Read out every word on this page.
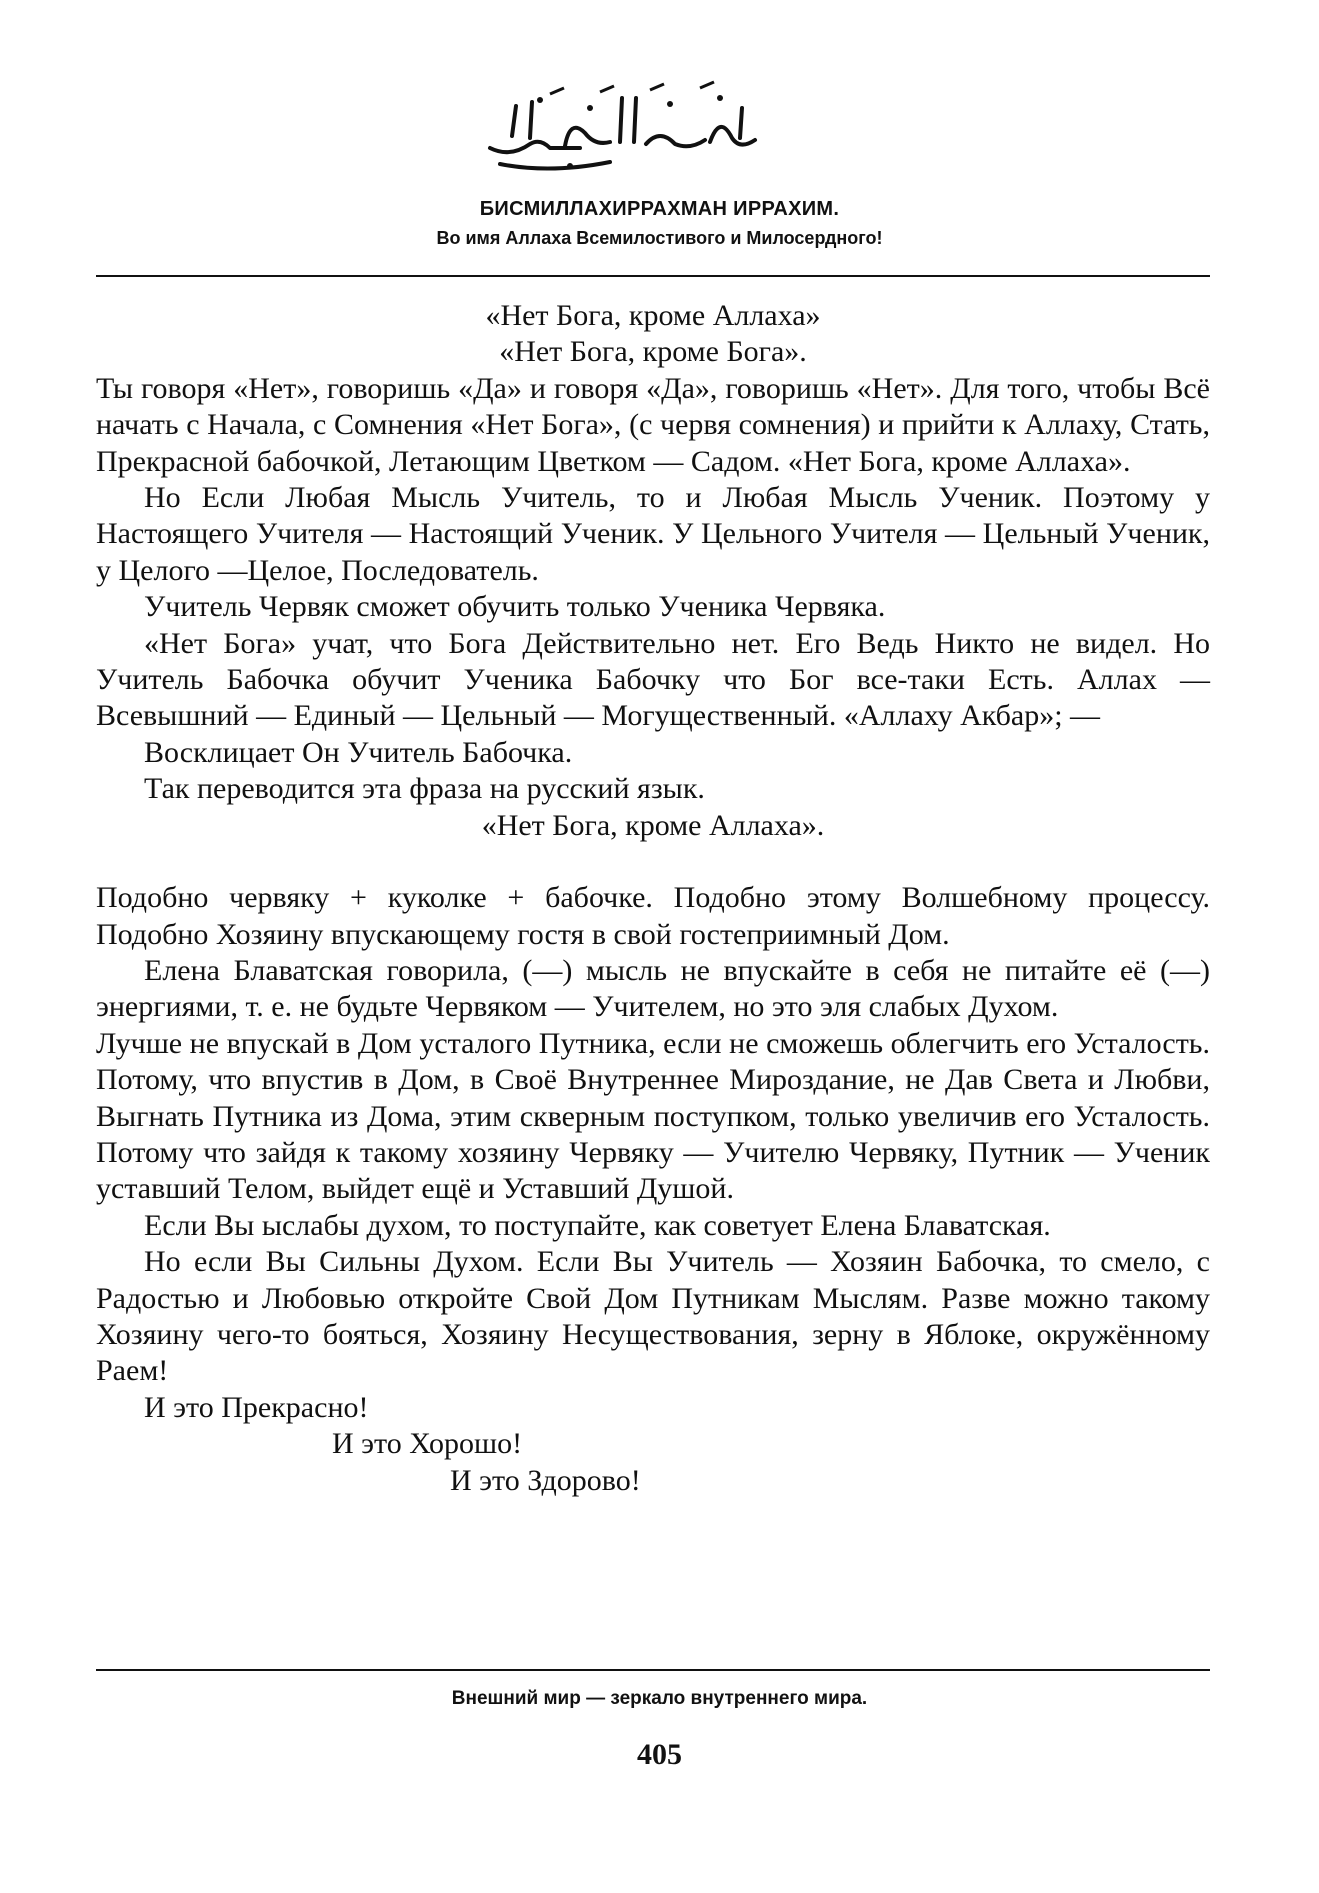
БИСМИЛЛАХИРРАХМАН ИРРАХИМ.
Во имя Аллаха Всемилостивого и Милосердного!

«Нет Бога, кроме Аллаха»

«Нет Бога, кроме Бога».

Ты говоря «Нет», говоришь «Да» и говоря «Да», говоришь «Нет». Для того, чтобы Всё начать с Начала, с Сомнения «Нет Бога», (с червя сомнения) и прийти к Аллаху, Стать, Прекрасной бабочкой, Летающим Цветком — Садом. «Нет Бога, кроме Аллаха».

Но Если Любая Мысль Учитель, то и Любая Мысль Ученик. Поэтому у Настоящего Учителя — Настоящий Ученик. У Цельного Учителя — Цельный Ученик, у Целого —Целое, Последователь.

Учитель Червяк сможет обучить только Ученика Червяка.

«Нет Бога» учат, что Бога Действительно нет. Его Ведь Никто не видел. Но Учитель Бабочка обучит Ученика Бабочку что Бог все-таки Есть. Аллах — Всевышний — Единый — Цельный — Могущественный. «Аллаху Акбар»; —

Восклицает Он Учитель Бабочка.

Так переводится эта фраза на русский язык.

«Нет Бога, кроме Аллаха».

Подобно червяку + куколке + бабочке. Подобно этому Волшебному процессу. Подобно Хозяину впускающему гостя в свой гостеприимный Дом.

Елена Блаватская говорила, (—) мысль не впускайте в себя не питайте её (—) энергиями, т. е. не будьте Червяком — Учителем, но это эля слабых Духом.

Лучше не впускай в Дом усталого Путника, если не сможешь облегчить его Усталость. Потому, что впустив в Дом, в Своё Внутреннее Мироздание, не Дав Света и Любви, Выгнать Путника из Дома, этим скверным поступком, только увеличив его Усталость. Потому что зайдя к такому хозяину Червяку — Учителю Червяку, Путник — Ученик уставший Телом, выйдет ещё и Уставший Душой.

Если Вы ыслабы духом, то поступайте, как советует Елена Блаватская.

Но если Вы Сильны Духом. Если Вы Учитель — Хозяин Бабочка, то смело, с Радостью и Любовью откройте Свой Дом Путникам Мыслям. Разве можно такому Хозяину чего-то бояться, Хозяину Несуществования, зерну в Яблоке, окружённому Раем!

И это Прекрасно!

И это Хорошо!

И это Здорово!

Внешний мир — зеркало внутреннего мира.
405
